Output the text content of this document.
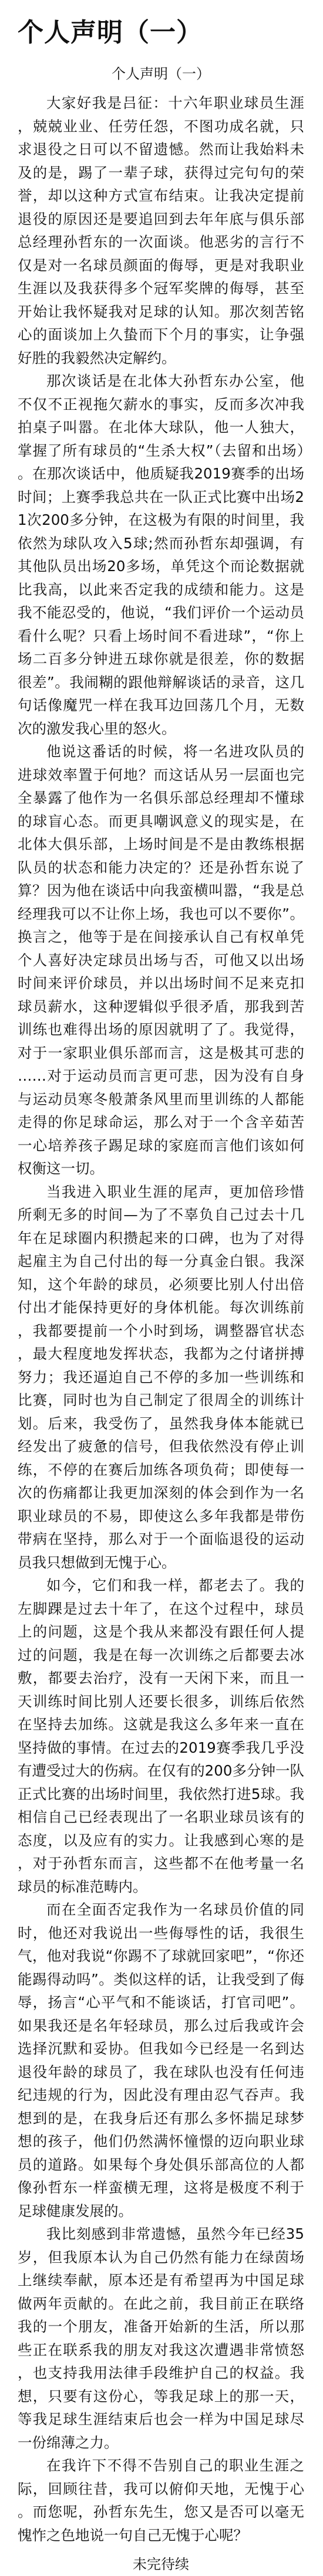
个人声明（一）
个人声明（一）

大家好我是吕征：十六年职业球员生涯，兢兢业业、任劳任怨，不图功成名就，只求退役之日可以不留遗憾。然而让我始料未及的是，踢了一辈子球，获得过完句句的荣誉，却以这种方式宣布结束。让我决定提前退役的原因还是要追回到去年年底与俱乐部总经理孙哲东的一次面谈。他恶劣的言行不仅是对一名球员颜面的侮辱，更是对我职业生涯以及我获得多个冠军奖牌的侮辱，甚至开始让我怀疑我对足球的认知。那次刻苦铭心的面谈加上久蛰而下个月的事实，让争强好胜的我毅然决定解约。

那次谈话是在北体大孙哲东办公室，他不仅不正视拖欠薪水的事实，反而多次冲我拍桌子叫嚣。在北体大球队，他一人独大，掌握了所有球员的“生杀大权”（去留和出场）。在那次谈话中，他质疑我2019赛季的出场时间；上赛季我总共在一队正式比赛中出场21次200多分钟，在这极为有限的时间里，我依然为球队攻入5球;然而孙哲东却强调，有其他队员出场20多场，单凭这个而论数据就比我高，以此来否定我的成绩和能力。这是我不能忍受的，他说，“我们评价一个运动员看什么呢？只看上场时间不看进球”，“你上场二百多分钟进五球你就是很差，你的数据很差”。我闹糊的跟他辩解谈话的录音，这几句话像魔咒一样在我耳边回荡几个月，无数次的激发我心里的怒火。

他说这番话的时候，将一名进攻队员的进球效率置于何地？而这话从另一层面也完全暴露了他作为一名俱乐部总经理却不懂球的球盲心态。而更具嘲讽意义的现实是，在北体大俱乐部，上场时间是不是由教练根据队员的状态和能力决定的？还是孙哲东说了算？因为他在谈话中向我蛮横叫嚣，“我是总经理我可以不让你上场，我也可以不要你”。换言之，他等于是在间接承认自己有权单凭个人喜好决定球员出场与否，可他又以出场时间来评价球员，并以出场时间不足来克扣球员薪水，这种逻辑似乎很矛盾，那我到苦训练也难得出场的原因就明了了。我觉得，对于一家职业俱乐部而言，这是极其可悲的……对于运动员而言更可悲，因为没有自身与运动员寒冬般萧条风里而里训练的人都能走得的你足球命运，那么对于一个含辛茹苦一心培养孩子踢足球的家庭而言他们该如何权衡这一切。

当我进入职业生涯的尾声，更加倍珍惜所剩无多的时间—为了不辜负自己过去十几年在足球圈内积攒起来的口碑，也为了对得起雇主为自己付出的每一分真金白银。我深知，这个年龄的球员，必须要比别人付出倍付出才能保持更好的身体机能。每次训练前，我都要提前一个小时到场，调整器官状态，最大程度地发挥状态，我都为之付诸拼搏努力；我还逼迫自己不停的多加一些训练和比赛，同时也为自己制定了很周全的训练计划。后来，我受伤了，虽然我身体本能就已经发出了疲惫的信号，但我依然没有停止训练，不停的在赛后加练各项负荷；即使每一次的伤痛都让我更加深刻的体会到作为一名职业球员的不易，即使这么多年我都是带伤带病在坚持，那么对于一个面临退役的运动员我只想做到无愧于心。

如今，它们和我一样，都老去了。我的左脚踝是过去十年了，在这个过程中，球员上的问题，这是个我从来都没有跟任何人提过的问题，我是在每一次训练之后都要去冰敷，都要去治疗，没有一天闲下来，而且一天训练时间比别人还要长很多，训练后依然在坚持去加练。这就是我这么多年来一直在坚持做的事情。在过去的2019赛季我几乎没有遭受过大的伤病。在仅有的200多分钟一队正式比赛的出场时间里，我依然打进5球。我相信自己已经表现出了一名职业球员该有的态度，以及应有的实力。让我感到心寒的是，对于孙哲东而言，这些都不在他考量一名球员的标准范畴内。

而在全面否定我作为一名球员价值的同时，他还对我说出一些侮辱性的话，我很生气，他对我说“你踢不了球就回家吧”，“你还能踢得动吗”。类似这样的话，让我受到了侮辱，扬言“心平气和不能谈话，打官司吧”。如果我还是名年轻球员，那么过后我或许会选择沉默和妥协。但我如今已经是一名到达退役年龄的球员了，我在球队也没有任何违纪违规的行为，因此没有理由忍气吞声。我想到的是，在我身后还有那么多怀揣足球梦想的孩子，他们仍然满怀憧憬的迈向职业球员的道路。如果每个身处俱乐部高位的人都像孙哲东一样蛮横无理，这将是极度不利于足球健康发展的。

我比刻感到非常遗憾，虽然今年已经35岁，但我原本认为自己仍然有能力在绿茵场上继续奉献，原本还是有希望再为中国足球做两年贡献的。在此之前，我目前正在联络我的一个朋友，准备开始新的生活，所以那些正在联系我的朋友对我这次遭遇非常愤怒，也支持我用法律手段维护自己的权益。我想，只要有这份心，等我足球上的那一天，等我足球生涯结束后也会一样为中国足球尽一份绵薄之力。

在我许下不得不告别自己的职业生涯之际，回顾往昔，我可以俯仰天地，无愧于心。而您呢，孙哲东先生，您又是否可以毫无愧怍之色地说一句自己无愧于心呢？

未完待续
